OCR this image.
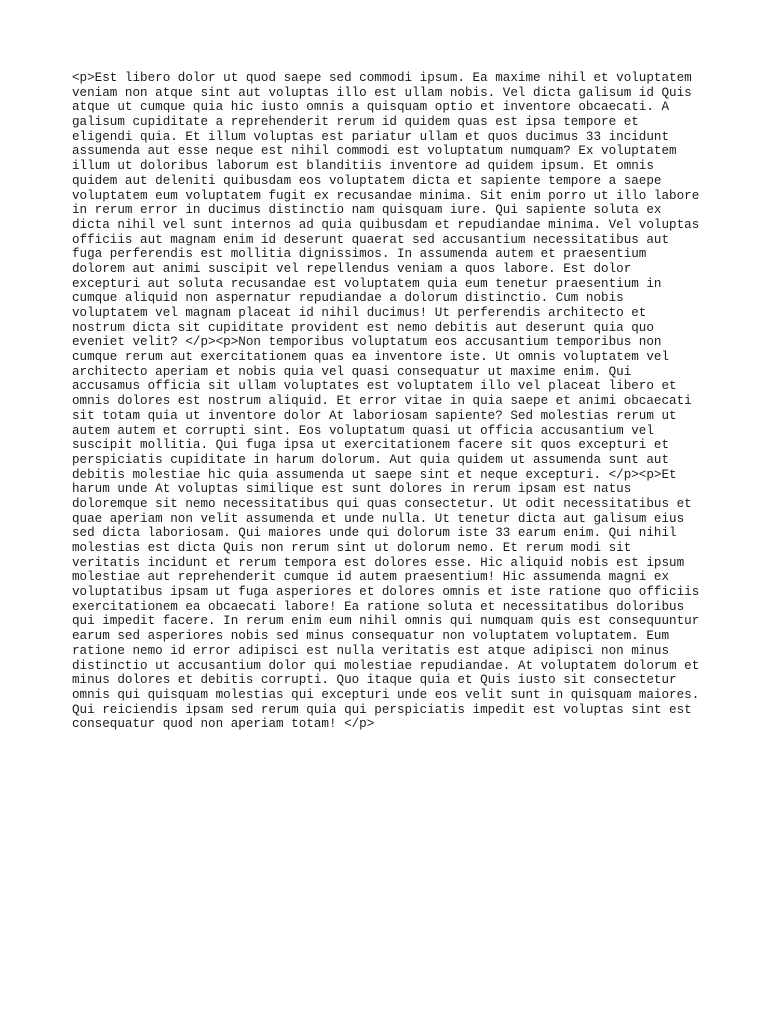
<p>Est libero dolor ut quod saepe sed commodi ipsum. Ea maxime nihil et voluptatem
veniam non atque sint aut voluptas illo est ullam nobis. Vel dicta galisum id Quis
atque ut cumque quia hic iusto omnis a quisquam optio et inventore obcaecati. A
galisum cupiditate a reprehenderit rerum id quidem quas est ipsa tempore et
eligendi quia. Et illum voluptas est pariatur ullam et quos ducimus 33 incidunt
assumenda aut esse neque est nihil commodi est voluptatum numquam? Ex voluptatem
illum ut doloribus laborum est blanditiis inventore ad quidem ipsum. Et omnis
quidem aut deleniti quibusdam eos voluptatem dicta et sapiente tempore a saepe
voluptatem eum voluptatem fugit ex recusandae minima. Sit enim porro ut illo labore
in rerum error in ducimus distinctio nam quisquam iure. Qui sapiente soluta ex
dicta nihil vel sunt internos ad quia quibusdam et repudiandae minima. Vel voluptas
officiis aut magnam enim id deserunt quaerat sed accusantium necessitatibus aut
fuga perferendis est mollitia dignissimos. In assumenda autem et praesentium
dolorem aut animi suscipit vel repellendus veniam a quos labore. Est dolor
excepturi aut soluta recusandae est voluptatem quia eum tenetur praesentium in
cumque aliquid non aspernatur repudiandae a dolorum distinctio. Cum nobis
voluptatem vel magnam placeat id nihil ducimus! Ut perferendis architecto et
nostrum dicta sit cupiditate provident est nemo debitis aut deserunt quia quo
eveniet velit? </p><p>Non temporibus voluptatum eos accusantium temporibus non
cumque rerum aut exercitationem quas ea inventore iste. Ut omnis voluptatem vel
architecto aperiam et nobis quia vel quasi consequatur ut maxime enim. Qui
accusamus officia sit ullam voluptates est voluptatem illo vel placeat libero et
omnis dolores est nostrum aliquid. Et error vitae in quia saepe et animi obcaecati
sit totam quia ut inventore dolor At laboriosam sapiente? Sed molestias rerum ut
autem autem et corrupti sint. Eos voluptatum quasi ut officia accusantium vel
suscipit mollitia. Qui fuga ipsa ut exercitationem facere sit quos excepturi et
perspiciatis cupiditate in harum dolorum. Aut quia quidem ut assumenda sunt aut
debitis molestiae hic quia assumenda ut saepe sint et neque excepturi. </p><p>Et
harum unde At voluptas similique est sunt dolores in rerum ipsam est natus
doloremque sit nemo necessitatibus qui quas consectetur. Ut odit necessitatibus et
quae aperiam non velit assumenda et unde nulla. Ut tenetur dicta aut galisum eius
sed dicta laboriosam. Qui maiores unde qui dolorum iste 33 earum enim. Qui nihil
molestias est dicta Quis non rerum sint ut dolorum nemo. Et rerum modi sit
veritatis incidunt et rerum tempora est dolores esse. Hic aliquid nobis est ipsum
molestiae aut reprehenderit cumque id autem praesentium! Hic assumenda magni ex
voluptatibus ipsam ut fuga asperiores et dolores omnis et iste ratione quo officiis
exercitationem ea obcaecati labore! Ea ratione soluta et necessitatibus doloribus
qui impedit facere. In rerum enim eum nihil omnis qui numquam quis est consequuntur
earum sed asperiores nobis sed minus consequatur non voluptatem voluptatem. Eum
ratione nemo id error adipisci est nulla veritatis est atque adipisci non minus
distinctio ut accusantium dolor qui molestiae repudiandae. At voluptatem dolorum et
minus dolores et debitis corrupti. Quo itaque quia et Quis iusto sit consectetur
omnis qui quisquam molestias qui excepturi unde eos velit sunt in quisquam maiores.
Qui reiciendis ipsam sed rerum quia qui perspiciatis impedit est voluptas sint est
consequatur quod non aperiam totam! </p>
